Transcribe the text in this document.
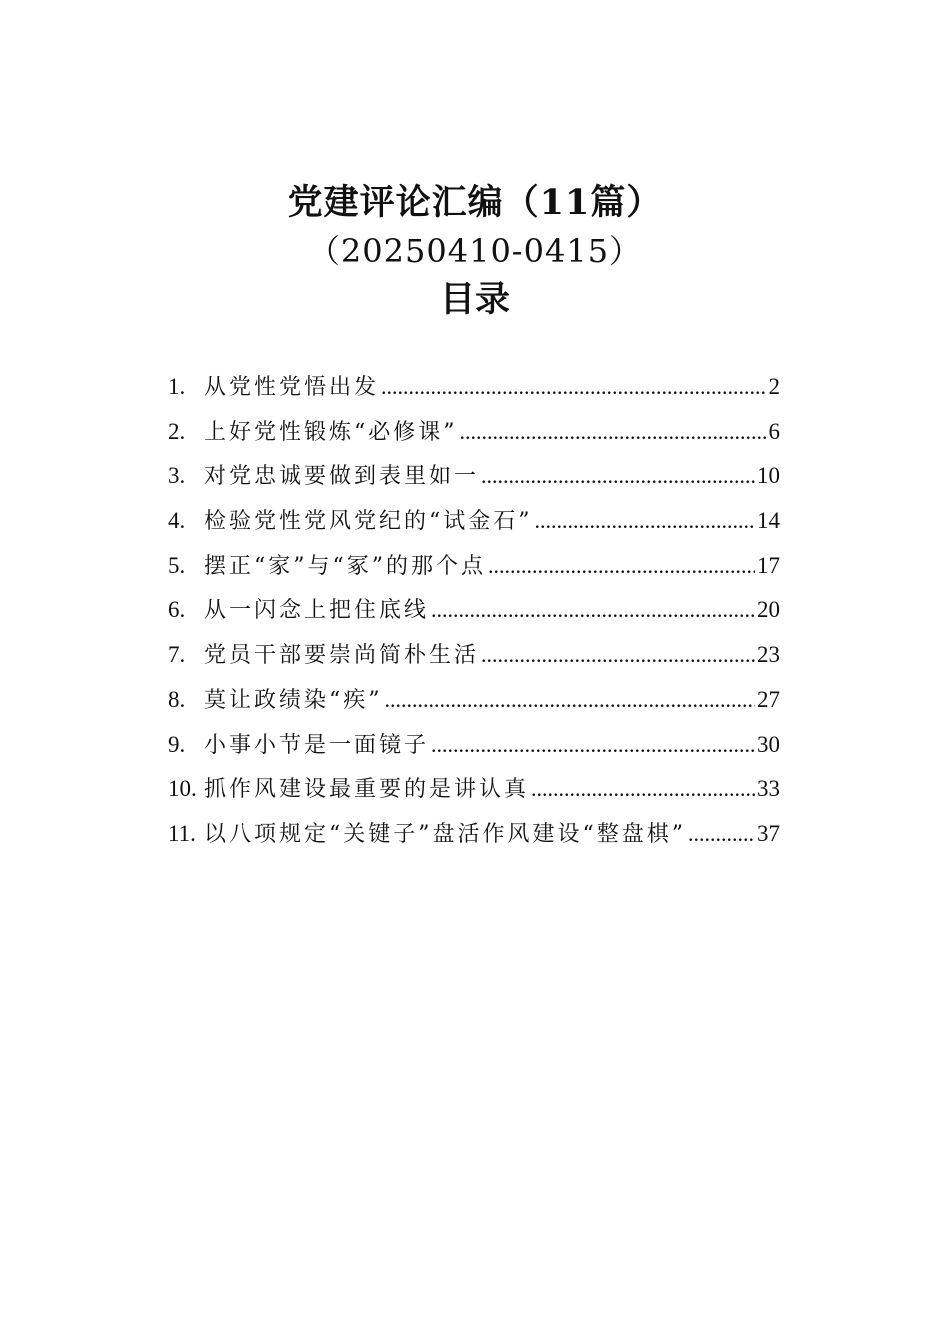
党建评论汇编（11篇）
（20250410-0415）
目录
1. 从党性党悟出发 .....	2
2. 上好党性锻炼“必修课” .....	6
3. 对党忠诚要做到表里如一 .....	10
4. 检验党性党风党纪的“试金石” .....	14
5. 摆正“家”与“冢”的那个点 .....	17
6. 从一闪念上把住底线 .....	20
7. 党员干部要崇尚简朴生活 .....	23
8. 莫让政绩染“疾” .....	27
9. 小事小节是一面镜子 .....	30
10. 抓作风建设最重要的是讲认真 .....	33
11. 以八项规定“关键子”盘活作风建设“整盘棋” .....	37
